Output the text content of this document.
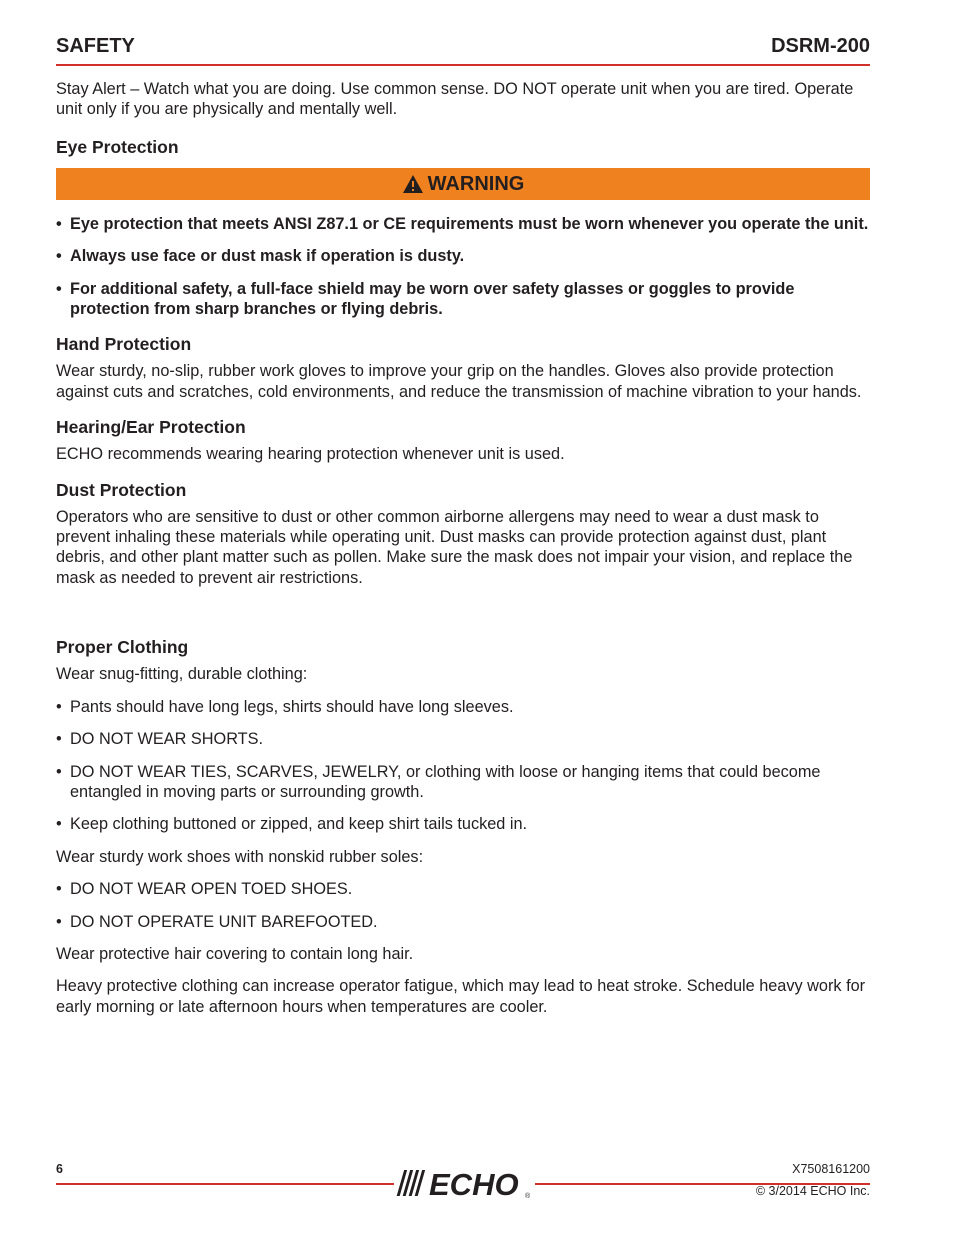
SAFETY	DSRM-200

Stay Alert – Watch what you are doing. Use common sense. DO NOT operate unit when you are tired. Operate unit only if you are physically and mentally well.

Eye Protection
WARNING
• Eye protection that meets ANSI Z87.1 or CE requirements must be worn whenever you operate the unit.
• Always use face or dust mask if operation is dusty.
• For additional safety, a full-face shield may be worn over safety glasses or goggles to provide protection from sharp branches or flying debris.
Hand Protection

Wear sturdy, no-slip, rubber work gloves to improve your grip on the handles. Gloves also provide protection against cuts and scratches, cold environments, and reduce the transmission of machine vibration to your hands.

Hearing/Ear Protection

ECHO recommends wearing hearing protection whenever unit is used.

Dust Protection

Operators who are sensitive to dust or other common airborne allergens may need to wear a dust mask to prevent inhaling these materials while operating unit. Dust masks can provide protection against dust, plant debris, and other plant matter such as pollen. Make sure the mask does not impair your vision, and replace the mask as needed to prevent air restrictions.

Proper Clothing

Wear snug-fitting, durable clothing:

• Pants should have long legs, shirts should have long sleeves.
• DO NOT WEAR SHORTS.
• DO NOT WEAR TIES, SCARVES, JEWELRY, or clothing with loose or hanging items that could become entangled in moving parts or surrounding growth.
• Keep clothing buttoned or zipped, and keep shirt tails tucked in.

Wear sturdy work shoes with nonskid rubber soles:

• DO NOT WEAR OPEN TOED SHOES.
• DO NOT OPERATE UNIT BAREFOOTED.

Wear protective hair covering to contain long hair.

Heavy protective clothing can increase operator fatigue, which may lead to heat stroke. Schedule heavy work for early morning or late afternoon hours when temperatures are cooler.

6	X7508161200
© 3/2014 ECHO Inc.
ECHO ®
